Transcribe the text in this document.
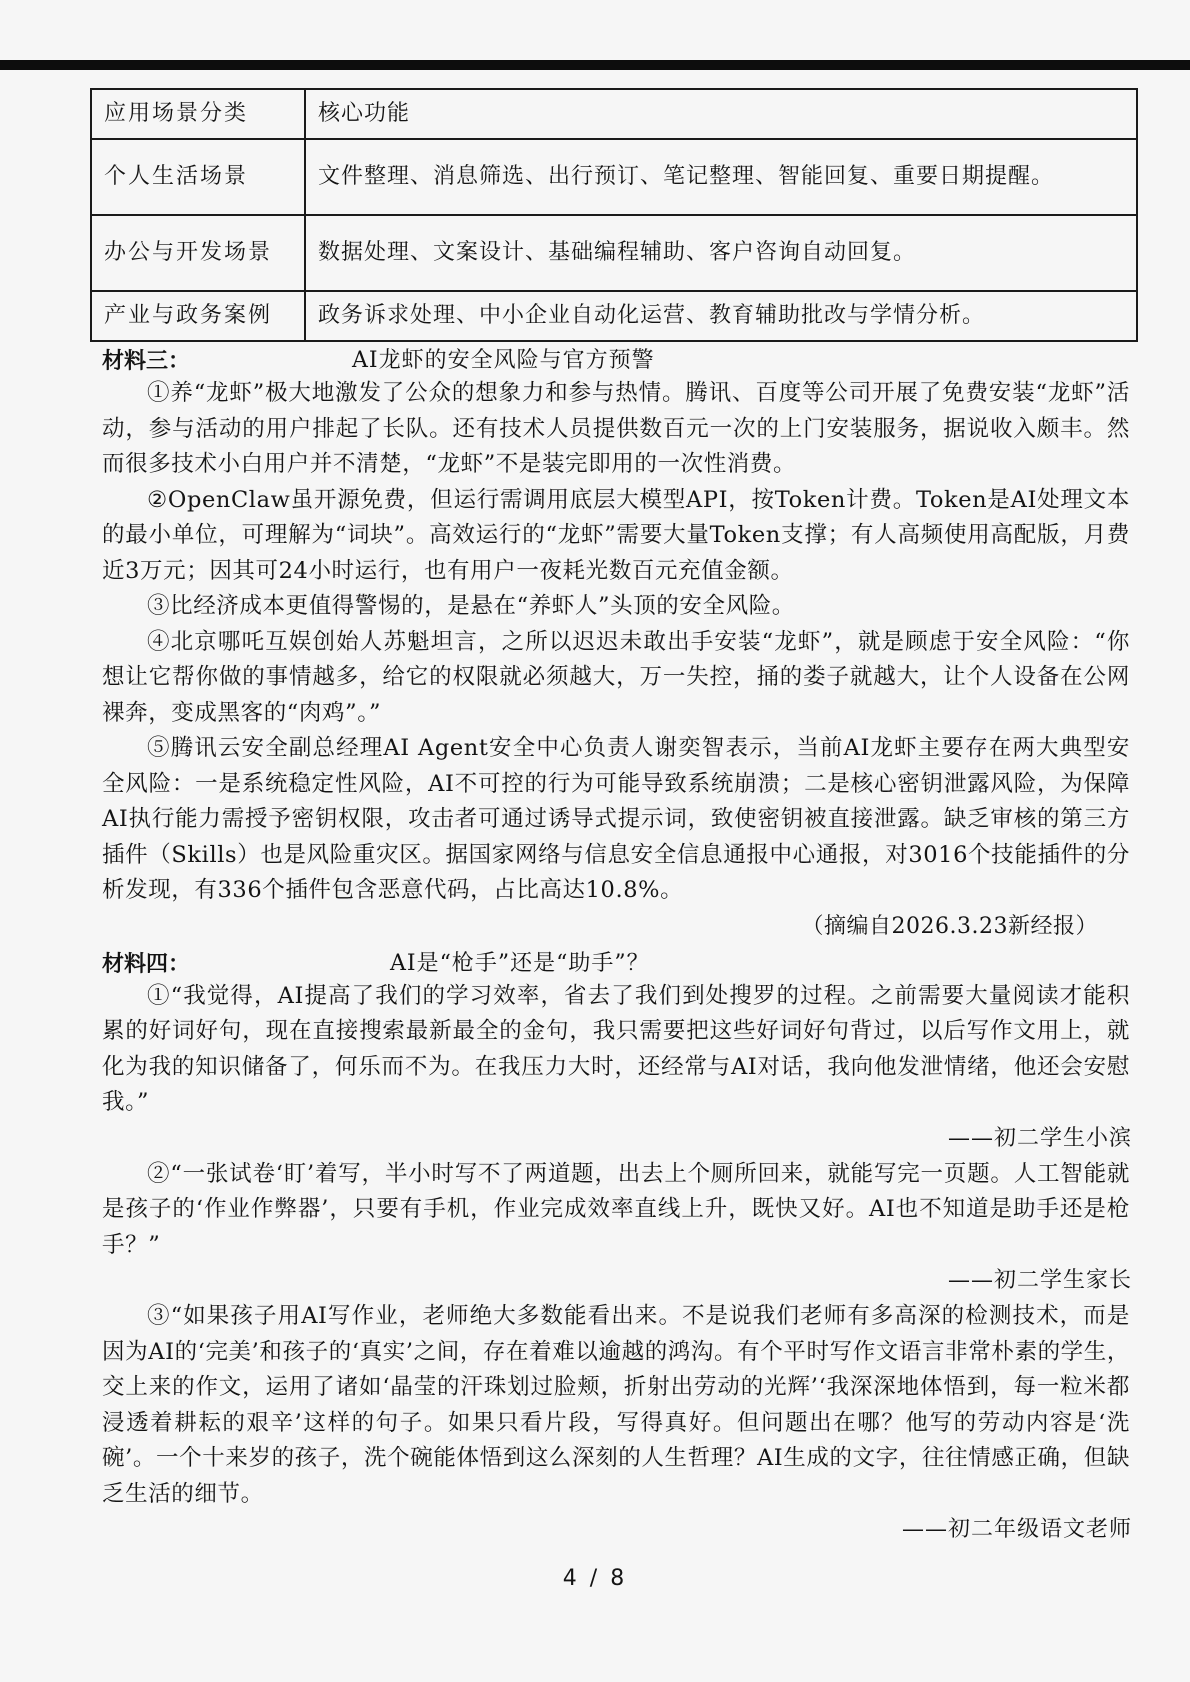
应用场景分类	核心功能
个人生活场景	文件整理、消息筛选、出行预订、笔记整理、智能回复、重要日期提醒。
办公与开发场景	数据处理、文案设计、基础编程辅助、客户咨询自动回复。
产业与政务案例	政务诉求处理、中小企业自动化运营、教育辅助批改与学情分析。
材料三：	AI龙虾的安全风险与官方预警

①养“龙虾”极大地激发了公众的想象力和参与热情。腾讯、百度等公司开展了免费安装“龙虾”活动，参与活动的用户排起了长队。还有技术人员提供数百元一次的上门安装服务，据说收入颇丰。然而很多技术小白用户并不清楚，“龙虾”不是装完即用的一次性消费。

②OpenClaw虽开源免费，但运行需调用底层大模型API，按Token计费。Token是AI处理文本的最小单位，可理解为“词块”。高效运行的“龙虾”需要大量Token支撑；有人高频使用高配版，月费近3万元；因其可24小时运行，也有用户一夜耗光数百元充值金额。

③比经济成本更值得警惕的，是悬在“养虾人”头顶的安全风险。

④北京哪吒互娱创始人苏魁坦言，之所以迟迟未敢出手安装“龙虾”，就是顾虑于安全风险：“你想让它帮你做的事情越多，给它的权限就必须越大，万一失控，捅的娄子就越大，让个人设备在公网裸奔，变成黑客的“肉鸡”。”

⑤腾讯云安全副总经理AI Agent安全中心负责人谢奕智表示，当前AI龙虾主要存在两大典型安全风险：一是系统稳定性风险，AI不可控的行为可能导致系统崩溃；二是核心密钥泄露风险，为保障AI执行能力需授予密钥权限，攻击者可通过诱导式提示词，致使密钥被直接泄露。缺乏审核的第三方插件（Skills）也是风险重灾区。据国家网络与信息安全信息通报中心通报，对3016个技能插件的分析发现，有336个插件包含恶意代码，占比高达10.8%。

（摘编自2026.3.23新经报）
材料四：	AI是“枪手”还是“助手”？

①“我觉得，AI提高了我们的学习效率，省去了我们到处搜罗的过程。之前需要大量阅读才能积累的好词好句，现在直接搜索最新最全的金句，我只需要把这些好词好句背过，以后写作文用上，就化为我的知识储备了，何乐而不为。在我压力大时，还经常与AI对话，我向他发泄情绪，他还会安慰我。”

——初二学生小滨

②“一张试卷‘盯’着写，半小时写不了两道题，出去上个厕所回来，就能写完一页题。人工智能就是孩子的‘作业作弊器’，只要有手机，作业完成效率直线上升，既快又好。AI也不知道是助手还是枪手？”

——初二学生家长

③“如果孩子用AI写作业，老师绝大多数能看出来。不是说我们老师有多高深的检测技术，而是因为AI的‘完美’和孩子的‘真实’之间，存在着难以逾越的鸿沟。有个平时写作文语言非常朴素的学生，交上来的作文，运用了诸如‘晶莹的汗珠划过脸颊，折射出劳动的光辉’‘我深深地体悟到，每一粒米都浸透着耕耘的艰辛’这样的句子。如果只看片段，写得真好。但问题出在哪？他写的劳动内容是‘洗碗’。一个十来岁的孩子，洗个碗能体悟到这么深刻的人生哲理？AI生成的文字，往往情感正确，但缺乏生活的细节。

——初二年级语文老师
4 / 8
